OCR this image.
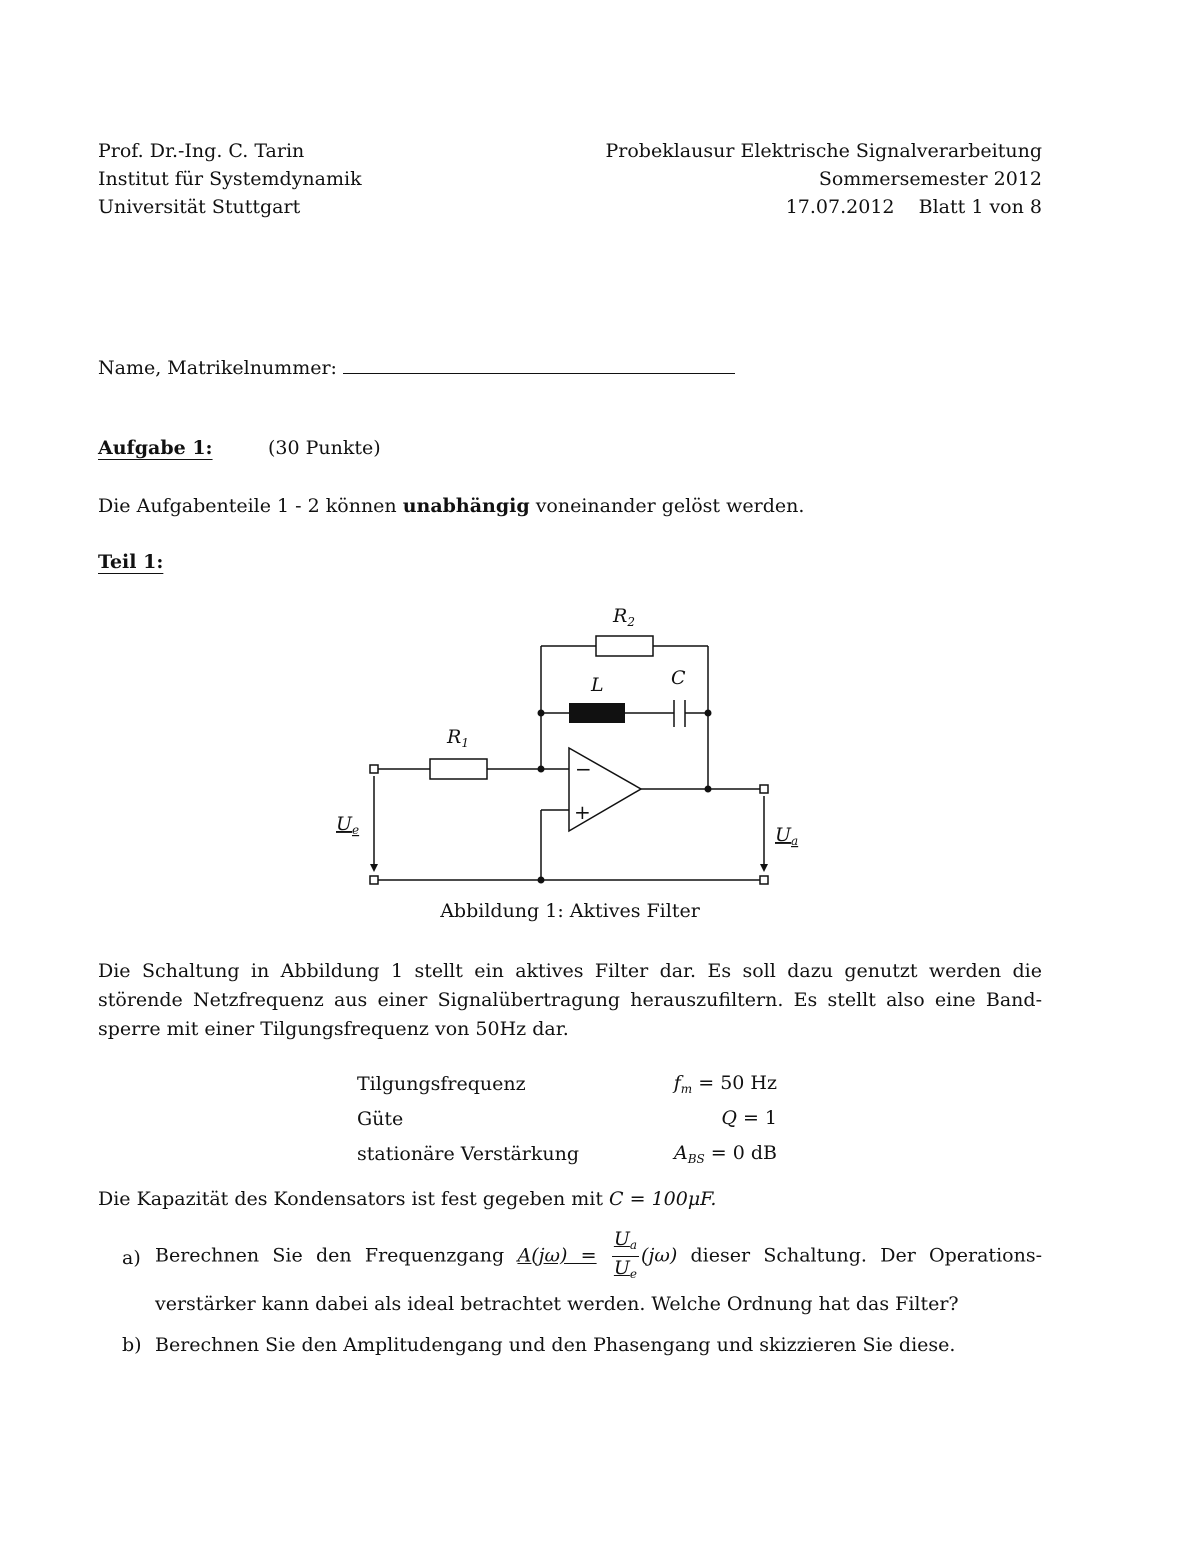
Prof. Dr.-Ing. C. Tarin
Institut für Systemdynamik
Universität Stuttgart
Probeklausur Elektrische Signalverarbeitung
Sommersemester 2012
17.07.2012    Blatt 1 von 8
Name, Matrikelnummer:
Aufgabe 1:	(30 Punkte)
Die Aufgabenteile 1 - 2 können unabhängig voneinander gelöst werden.
Teil 1:
$R_2$
L	C
$R_1$
$U_e$	$U_a$
−
+
Abbildung 1: Aktives Filter
Die Schaltung in Abbildung 1 stellt ein aktives Filter dar. Es soll dazu genutzt werden die störende Netzfrequenz aus einer Signalübertragung herauszufiltern. Es stellt also eine Band-sperre mit einer Tilgungsfrequenz von 50Hz dar.
Tilgungsfrequenz	$f_m = 50$ Hz
Güte	Q = 1
stationäre Verstärkung	$A_{BS} = 0$ dB
Die Kapazität des Kondensators ist fest gegeben mit C = 100μF.
a) Berechnen Sie den Frequenzgang $A(j\omega) = \frac{U_a}{U_e} (j\omega)$ dieser Schaltung. Der Operations-verstärker kann dabei als ideal betrachtet werden. Welche Ordnung hat das Filter?
b) Berechnen Sie den Amplitudengang und den Phasengang und skizzieren Sie diese.
